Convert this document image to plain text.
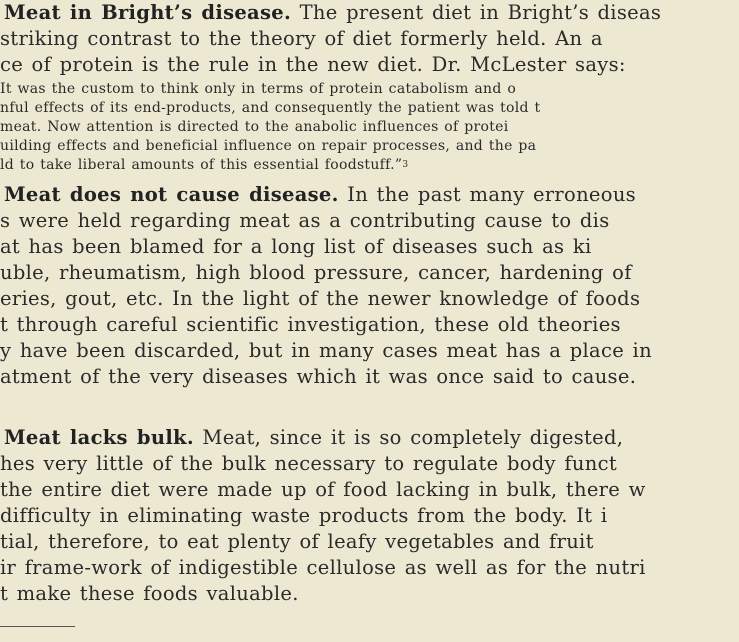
Meat in Bright’s disease. The present diet in Bright’s diseas
striking contrast to the theory of diet formerly held. An a
ce of protein is the rule in the new diet. Dr. McLester says:
It was the custom to think only in terms of protein catabolism and o
nful effects of its end-products, and consequently the patient was told t
meat. Now attention is directed to the anabolic influences of protei
uilding effects and beneficial influence on repair processes, and the pa
ld to take liberal amounts of this essential foodstuff.”$^3$
Meat does not cause disease. In the past many erroneous
s were held regarding meat as a contributing cause to dis
at has been blamed for a long list of diseases such as ki
uble, rheumatism, high blood pressure, cancer, hardening of
eries, gout, etc. In the light of the newer knowledge of foods
t through careful scientific investigation, these old theories
y have been discarded, but in many cases meat has a place in
atment of the very diseases which it was once said to cause.
Meat lacks bulk. Meat, since it is so completely digested,
hes very little of the bulk necessary to regulate body funct
the entire diet were made up of food lacking in bulk, there w
difficulty in eliminating waste products from the body. It i
tial, therefore, to eat plenty of leafy vegetables and fruit
ir frame-work of indigestible cellulose as well as for the nutri
t make these foods valuable.
